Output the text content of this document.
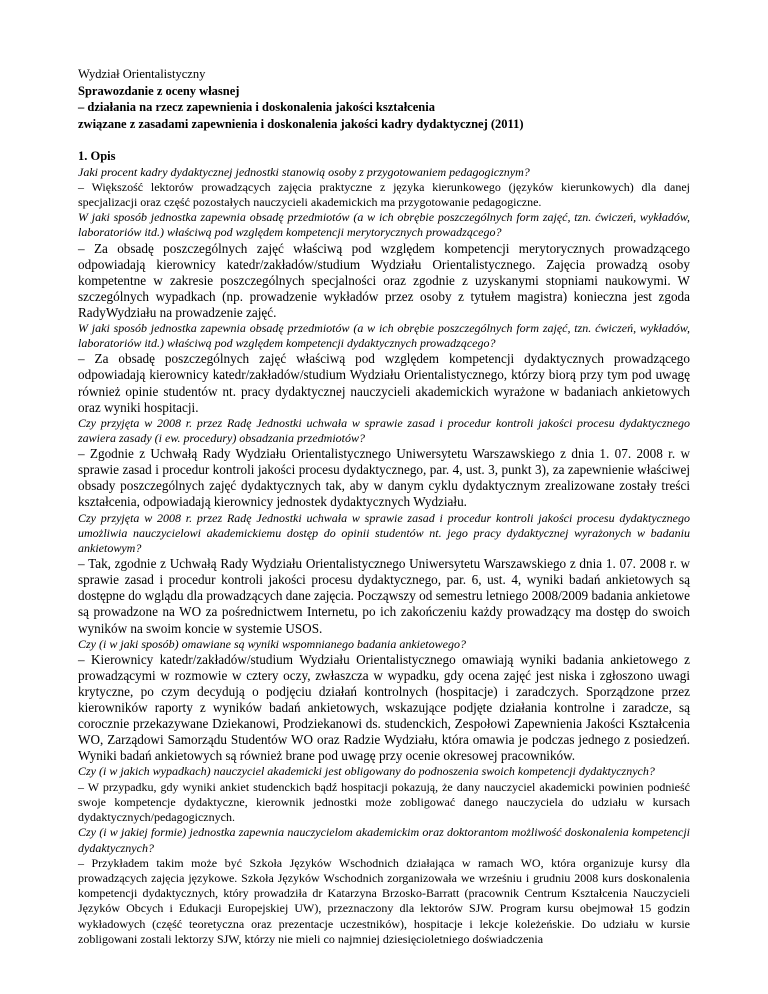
Wydział Orientalistyczny
Sprawozdanie z oceny własnej
– działania na rzecz zapewnienia i doskonalenia jakości kształcenia
związane z zasadami zapewnienia i doskonalenia jakości kadry dydaktycznej (2011)
1. Opis
Jaki procent kadry dydaktycznej jednostki stanowią osoby z przygotowaniem pedagogicznym?
– Większość lektorów prowadzących zajęcia praktyczne z języka kierunkowego (języków kierunkowych) dla danej specjalizacji oraz część pozostałych nauczycieli akademickich ma przygotowanie pedagogiczne.
W jaki sposób jednostka zapewnia obsadę przedmiotów (a w ich obrębie poszczególnych form zajęć, tzn. ćwiczeń, wykładów, laboratoriów itd.) właściwą pod względem kompetencji merytorycznych prowadzącego?
– Za obsadę poszczególnych zajęć właściwą pod względem kompetencji merytorycznych prowadzącego odpowiadają kierownicy katedr/zakładów/studium Wydziału Orientalistycznego. Zajęcia prowadzą osoby kompetentne w zakresie poszczególnych specjalności oraz zgodnie z uzyskanymi stopniami naukowymi. W szczególnych wypadkach (np. prowadzenie wykładów przez osoby z tytułem magistra) konieczna jest zgoda RadyWydziału na prowadzenie zajęć.
W jaki sposób jednostka zapewnia obsadę przedmiotów (a w ich obrębie poszczególnych form zajęć, tzn. ćwiczeń, wykładów, laboratoriów itd.) właściwą pod względem kompetencji dydaktycznych prowadzącego?
– Za obsadę poszczególnych zajęć właściwą pod względem kompetencji dydaktycznych prowadzącego odpowiadają kierownicy katedr/zakładów/studium Wydziału Orientalistycznego, którzy biorą przy tym pod uwagę również opinie studentów nt. pracy dydaktycznej nauczycieli akademickich wyrażone w badaniach ankietowych oraz wyniki hospitacji.
Czy przyjęta w 2008 r. przez Radę Jednostki uchwała w sprawie zasad i procedur kontroli jakości procesu dydaktycznego zawiera zasady (i ew. procedury) obsadzania przedmiotów?
– Zgodnie z Uchwałą Rady Wydziału Orientalistycznego Uniwersytetu Warszawskiego z dnia 1. 07. 2008 r. w sprawie zasad i procedur kontroli jakości procesu dydaktycznego, par. 4, ust. 3, punkt 3), za zapewnienie właściwej obsady poszczególnych zajęć dydaktycznych tak, aby w danym cyklu dydaktycznym zrealizowane zostały treści kształcenia, odpowiadają kierownicy jednostek dydaktycznych Wydziału.
Czy przyjęta w 2008 r. przez Radę Jednostki uchwała w sprawie zasad i procedur kontroli jakości procesu dydaktycznego umożliwia nauczycielowi akademickiemu dostęp do opinii studentów nt. jego pracy dydaktycznej wyrażonych w badaniu ankietowym?
– Tak, zgodnie z Uchwałą Rady Wydziału Orientalistycznego Uniwersytetu Warszawskiego z dnia 1. 07. 2008 r. w sprawie zasad i procedur kontroli jakości procesu dydaktycznego, par. 6, ust. 4, wyniki badań ankietowych są dostępne do wglądu dla prowadzących dane zajęcia. Począwszy od semestru letniego 2008/2009 badania ankietowe są prowadzone na WO za pośrednictwem Internetu, po ich zakończeniu każdy prowadzący ma dostęp do swoich wyników na swoim koncie w systemie USOS.
Czy (i w jaki sposób) omawiane są wyniki wspomnianego badania ankietowego?
– Kierownicy katedr/zakładów/studium Wydziału Orientalistycznego omawiają wyniki badania ankietowego z prowadzącymi w rozmowie w cztery oczy, zwłaszcza w wypadku, gdy ocena zajęć jest niska i zgłoszono uwagi krytyczne, po czym decydują o podjęciu działań kontrolnych (hospitacje) i zaradczych. Sporządzone przez kierowników raporty z wyników badań ankietowych, wskazujące podjęte działania kontrolne i zaradcze, są corocznie przekazywane Dziekanowi, Prodziekanowi ds. studenckich, Zespołowi Zapewnienia Jakości Kształcenia WO, Zarządowi Samorządu Studentów WO oraz Radzie Wydziału, która omawia je podczas jednego z posiedzeń. Wyniki badań ankietowych są również brane pod uwagę przy ocenie okresowej pracowników.
Czy (i w jakich wypadkach) nauczyciel akademicki jest obligowany do podnoszenia swoich kompetencji dydaktycznych?
– W przypadku, gdy wyniki ankiet studenckich bądź hospitacji pokazują, że dany nauczyciel akademicki powinien podnieść swoje kompetencje dydaktyczne, kierownik jednostki może zobligować danego nauczyciela do udziału w kursach dydaktycznych/pedagogicznych.
Czy (i w jakiej formie) jednostka zapewnia nauczycielom akademickim oraz doktorantom możliwość doskonalenia kompetencji dydaktycznych?
– Przykładem takim może być Szkoła Języków Wschodnich działająca w ramach WO, która organizuje kursy dla prowadzących zajęcia językowe. Szkoła Języków Wschodnich zorganizowała we wrześniu i grudniu 2008 kurs doskonalenia kompetencji dydaktycznych, który prowadziła dr Katarzyna Brzosko-Barratt (pracownik Centrum Kształcenia Nauczycieli Języków Obcych i Edukacji Europejskiej UW), przeznaczony dla lektorów SJW. Program kursu obejmował 15 godzin wykładowych (część teoretyczna oraz prezentacje uczestników), hospitacje i lekcje koleżeńskie. Do udziału w kursie zobligowani zostali lektorzy SJW, którzy nie mieli co najmniej dziesięcioletniego doświadczenia
